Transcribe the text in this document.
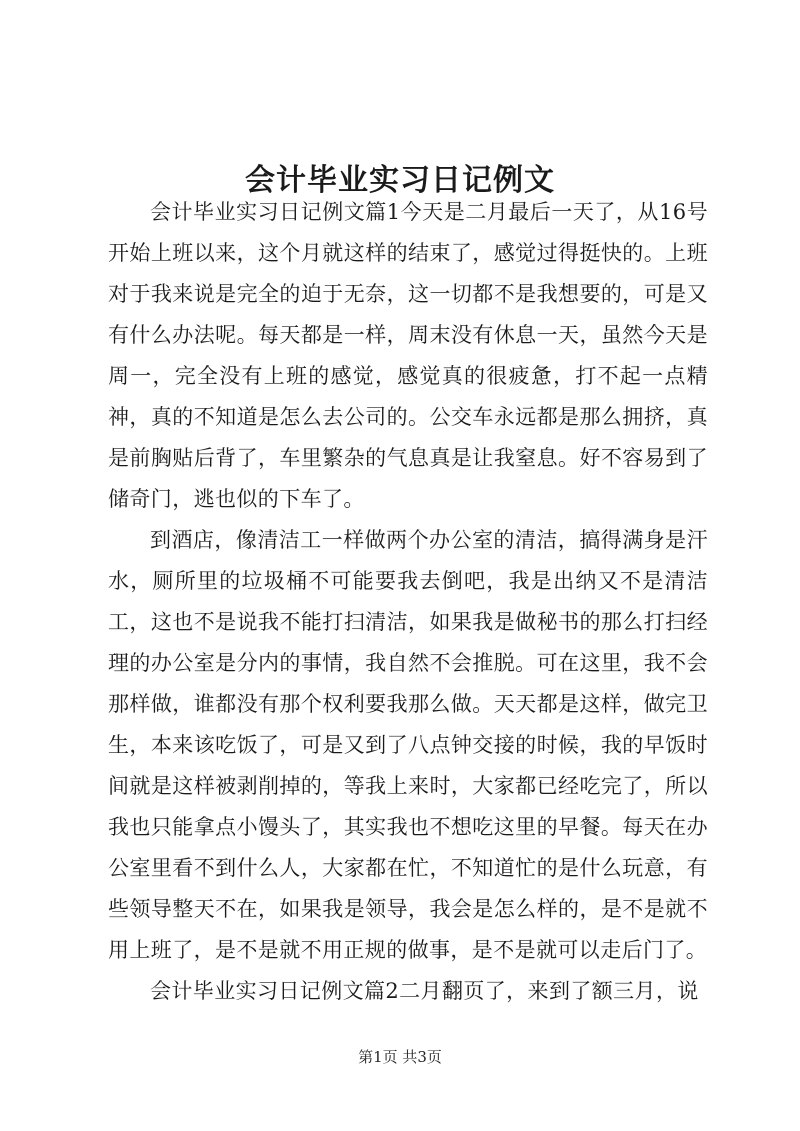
会计毕业实习日记例文

会计毕业实习日记例文篇1今天是二月最后一天了，从16号开始上班以来，这个月就这样的结束了，感觉过得挺快的。上班对于我来说是完全的迫于无奈，这一切都不是我想要的，可是又有什么办法呢。每天都是一样，周末没有休息一天，虽然今天是周一，完全没有上班的感觉，感觉真的很疲惫，打不起一点精神，真的不知道是怎么去公司的。公交车永远都是那么拥挤，真是前胸贴后背了，车里繁杂的气息真是让我窒息。好不容易到了储奇门，逃也似的下车了。

到酒店，像清洁工一样做两个办公室的清洁，搞得满身是汗水，厕所里的垃圾桶不可能要我去倒吧，我是出纳又不是清洁工，这也不是说我不能打扫清洁，如果我是做秘书的那么打扫经理的办公室是分内的事情，我自然不会推脱。可在这里，我不会那样做，谁都没有那个权利要我那么做。天天都是这样，做完卫生，本来该吃饭了，可是又到了八点钟交接的时候，我的早饭时间就是这样被剥削掉的，等我上来时，大家都已经吃完了，所以我也只能拿点小馒头了，其实我也不想吃这里的早餐。每天在办公室里看不到什么人，大家都在忙，不知道忙的是什么玩意，有些领导整天不在，如果我是领导，我会是怎么样的，是不是就不用上班了，是不是就不用正规的做事，是不是就可以走后门了。

会计毕业实习日记例文篇2二月翻页了，来到了额三月，说

第1页 共3页
